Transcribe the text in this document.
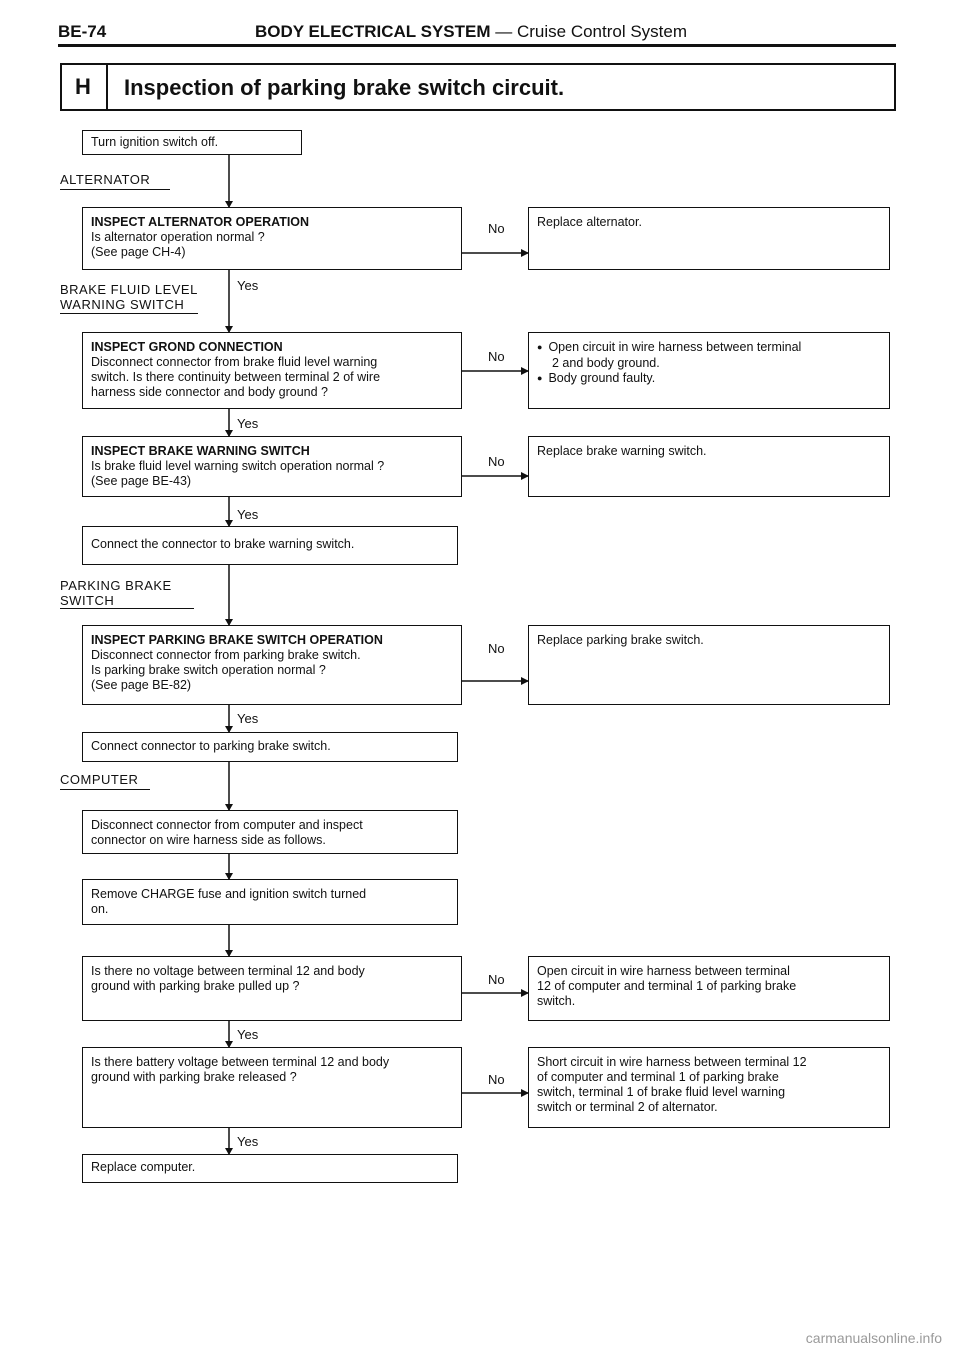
BE-74	BODY ELECTRICAL SYSTEM — Cruise Control System
H	Inspection of parking brake switch circuit.
ALTERNATOR
BRAKE FLUID LEVEL
WARNING SWITCH
PARKING BRAKE
SWITCH
COMPUTER
Yes
Yes
Yes
Yes
Yes
Yes
No
No
No
No
No
No
Turn ignition switch off.
INSPECT ALTERNATOR OPERATION
Is alternator operation normal ?
(See page CH-4)
INSPECT GROND CONNECTION
Disconnect connector from brake fluid level warning
switch. Is there continuity between terminal 2 of wire
harness side connector and body ground ?
INSPECT BRAKE WARNING SWITCH
Is brake fluid level warning switch operation normal ?
(See page BE-43)
Connect the connector to brake warning switch.
INSPECT PARKING BRAKE SWITCH OPERATION
Disconnect connector from parking brake switch.
Is parking brake switch operation normal ?
(See page BE-82)
Connect connector to parking brake switch.
Disconnect connector from computer and inspect
connector on wire harness side as follows.
Remove CHARGE fuse and ignition switch turned
on.
Is there no voltage between terminal 12 and body
ground with parking brake pulled up ?
Is there battery voltage between terminal 12 and body
ground with parking brake released ?
Replace computer.
Replace alternator.
● Open circuit in wire harness between terminal
2 and body ground.
● Body ground faulty.
Replace brake warning switch.
Replace parking brake switch.
Open circuit in wire harness between terminal
12 of computer and terminal 1 of parking brake
switch.
Short circuit in wire harness between terminal 12
of computer and terminal 1 of parking brake
switch, terminal 1 of brake fluid level warning
switch or terminal 2 of alternator.
carmanualsonline.info
